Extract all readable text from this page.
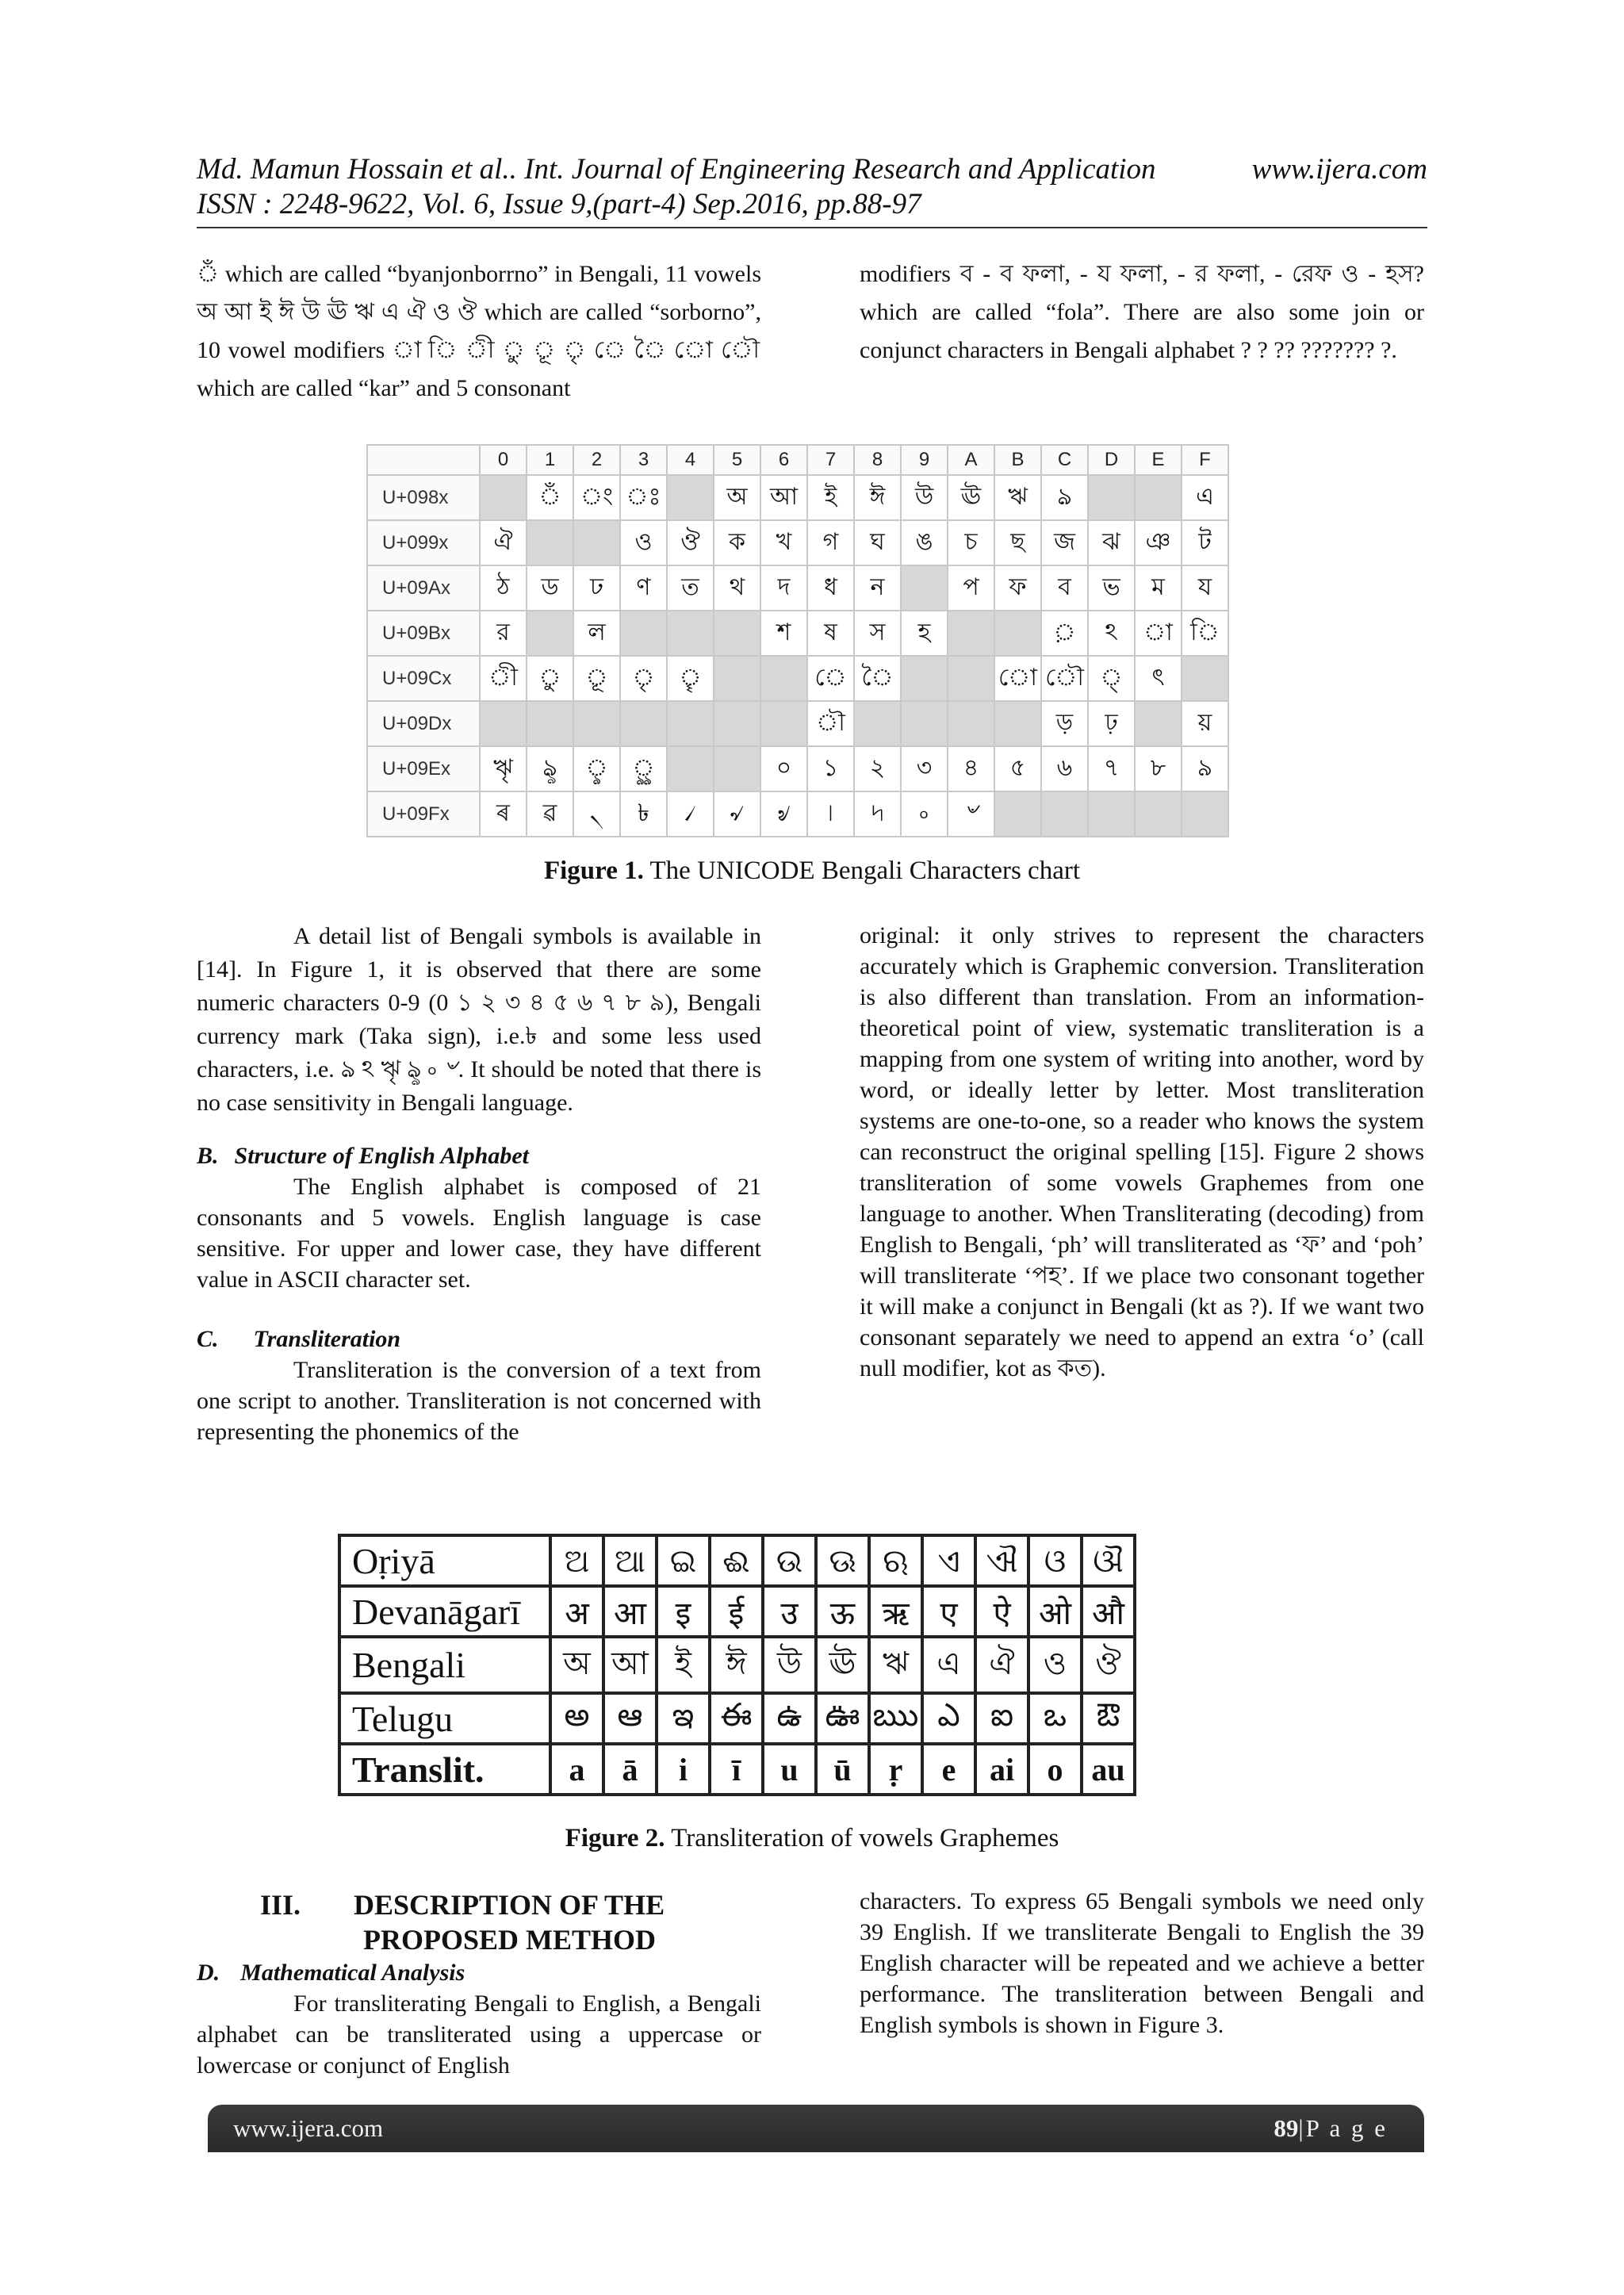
Md. Mamun Hossain et al.. Int. Journal of Engineering Research and Application	www.ijera.com
ISSN : 2248-9622, Vol. 6, Issue 9,(part-4) Sep.2016, pp.88-97

ঁ which are called “byanjonborrno” in Bengali, 11 vowels অ আ ই ঈ উ ঊ ঋ এ ঐ ও ঔ which are called “sorborno”, 10 vowel modifiers া ি ী ু ূ ৃ ে ৈ ো ৌ which are called “kar” and 5 consonant

modifiers ব - ব ফলা, - য ফলা, - র ফলা, - রেফ ও - হস? which are called “fola”. There are also some join or conjunct characters in Bengali alphabet ? ? ?? ??????? ?.

	0	1	2	3	4	5	6	7	8	9	A	B	C	D	E	F
U+098x		ঁ	ং	ঃ		অ	আ	ই	ঈ	উ	ঊ	ঋ	ঌ			এ
U+099x	ঐ			ও	ঔ	ক	খ	গ	ঘ	ঙ	চ	ছ	জ	ঝ	ঞ	ট
U+09Ax	ঠ	ড	ঢ	ণ	ত	থ	দ	ধ	ন		প	ফ	ব	ভ	ম	য
U+09Bx	র		ল				শ	ষ	স	হ			়	ঽ	া	ি
U+09Cx	ী	ু	ূ	ৃ	ৄ			ে	ৈ			ো	ৌ	্	ৎ	
U+09Dx								ৗ					ড়	ঢ়		য়
U+09Ex	ৠ	ৡ	ৢ	ৣ			০	১	২	৩	৪	৫	৬	৭	৮	৯
U+09Fx	ৰ	ৱ	৲	৳	৴	৵	৶	৷	৸	৹	৺					
Figure 1. The UNICODE Bengali Characters chart

A detail list of Bengali symbols is available in [14]. In Figure 1, it is observed that there are some numeric characters 0-9 (0 ১ ২ ৩ ৪ ৫ ৬ ৭ ৮ ৯), Bengali currency mark (Taka sign), i.e.৳ and some less used characters, i.e. ঌ ঽ ৠ ৡ ৹ ৺. It should be noted that there is no case sensitivity in Bengali language.

B. Structure of English Alphabet

The English alphabet is composed of 21 consonants and 5 vowels. English language is case sensitive. For upper and lower case, they have different value in ASCII character set.

C. Transliteration

Transliteration is the conversion of a text from one script to another. Transliteration is not concerned with representing the phonemics of the

original: it only strives to represent the characters accurately which is Graphemic conversion. Transliteration is also different than translation. From an information-theoretical point of view, systematic transliteration is a mapping from one system of writing into another, word by word, or ideally letter by letter. Most transliteration systems are one-to-one, so a reader who knows the system can reconstruct the original spelling [15]. Figure 2 shows transliteration of some vowels Graphemes from one language to another. When Transliterating (decoding) from English to Bengali, ‘ph’ will transliterated as ‘ফ’ and ‘poh’ will transliterate ‘পহ’. If we place two consonant together it will make a conjunct in Bengali (kt as ?). If we want two consonant separately we need to append an extra ‘o’ (call null modifier, kot as কত).

Oṛiyā	ଅ	ଆ	ଇ	ଈ	ଉ	ଊ	ଋ	ଏ	ଐ	ଓ	ଔ
Devanāgarī	अ	आ	इ	ई	उ	ऊ	ऋ	ए	ऐ	ओ	औ
Bengali	অ	আ	ই	ঈ	উ	ঊ	ঋ	এ	ঐ	ও	ঔ
Telugu	అ	ఆ	ఇ	ఈ	ఉ	ఊ	ఋ	ఎ	ఐ	ఒ	ఔ
Translit.	a	ā	i	ī	u	ū	ṛ	e	ai	o	au
Figure 2. Transliteration of vowels Graphemes
III. DESCRIPTION OF THE
PROPOSED METHOD

D. Mathematical Analysis

For transliterating Bengali to English, a Bengali alphabet can be transliterated using a uppercase or lowercase or conjunct of English

characters. To express 65 Bengali symbols we need only 39 English. If we transliterate Bengali to English the 39 English character will be repeated and we achieve a better performance. The transliteration between Bengali and English symbols is shown in Figure 3.

www.ijera.com	89|P a g e
